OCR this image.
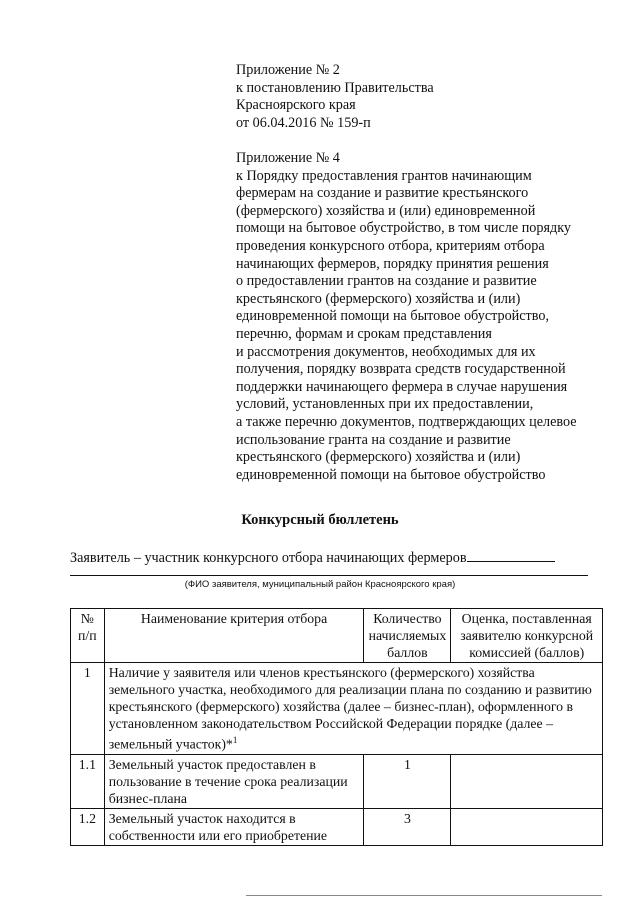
Приложение № 2
к постановлению Правительства
Красноярского края
от 06.04.2016 № 159-п
Приложение № 4
к Порядку предоставления грантов начинающим
фермерам на создание и развитие крестьянского
(фермерского) хозяйства и (или) единовременной
помощи на бытовое обустройство, в том числе порядку
проведения конкурсного отбора, критериям отбора
начинающих фермеров, порядку принятия решения
о предоставлении грантов на создание и развитие
крестьянского (фермерского) хозяйства и (или)
единовременной помощи на бытовое обустройство,
перечню, формам и срокам представления
и рассмотрения документов, необходимых для их
получения, порядку возврата средств государственной
поддержки начинающего фермера в случае нарушения
условий, установленных при их предоставлении,
а также перечню документов, подтверждающих целевое
использование гранта на создание и развитие
крестьянского (фермерского) хозяйства и (или)
единовременной помощи на бытовое обустройство
Конкурсный бюллетень
Заявитель – участник конкурсного отбора начинающих фермеров
(ФИО заявителя, муниципальный район Красноярского края)
№ п/п	Наименование критерия отбора	Количество начисляемых баллов	Оценка, поставленная заявителю конкурсной комиссией (баллов)
1	Наличие у заявителя или членов крестьянского (фермерского) хозяйства земельного участка, необходимого для реализации плана по созданию и развитию крестьянского (фермерского) хозяйства (далее – бизнес-план), оформленного в установленном законодательством Российской Федерации порядке (далее – земельный участок)*$^1$
1.1	Земельный участок предоставлен в пользование в течение срока реализации бизнес-плана	1	
1.2	Земельный участок находится в собственности или его приобретение	3	
